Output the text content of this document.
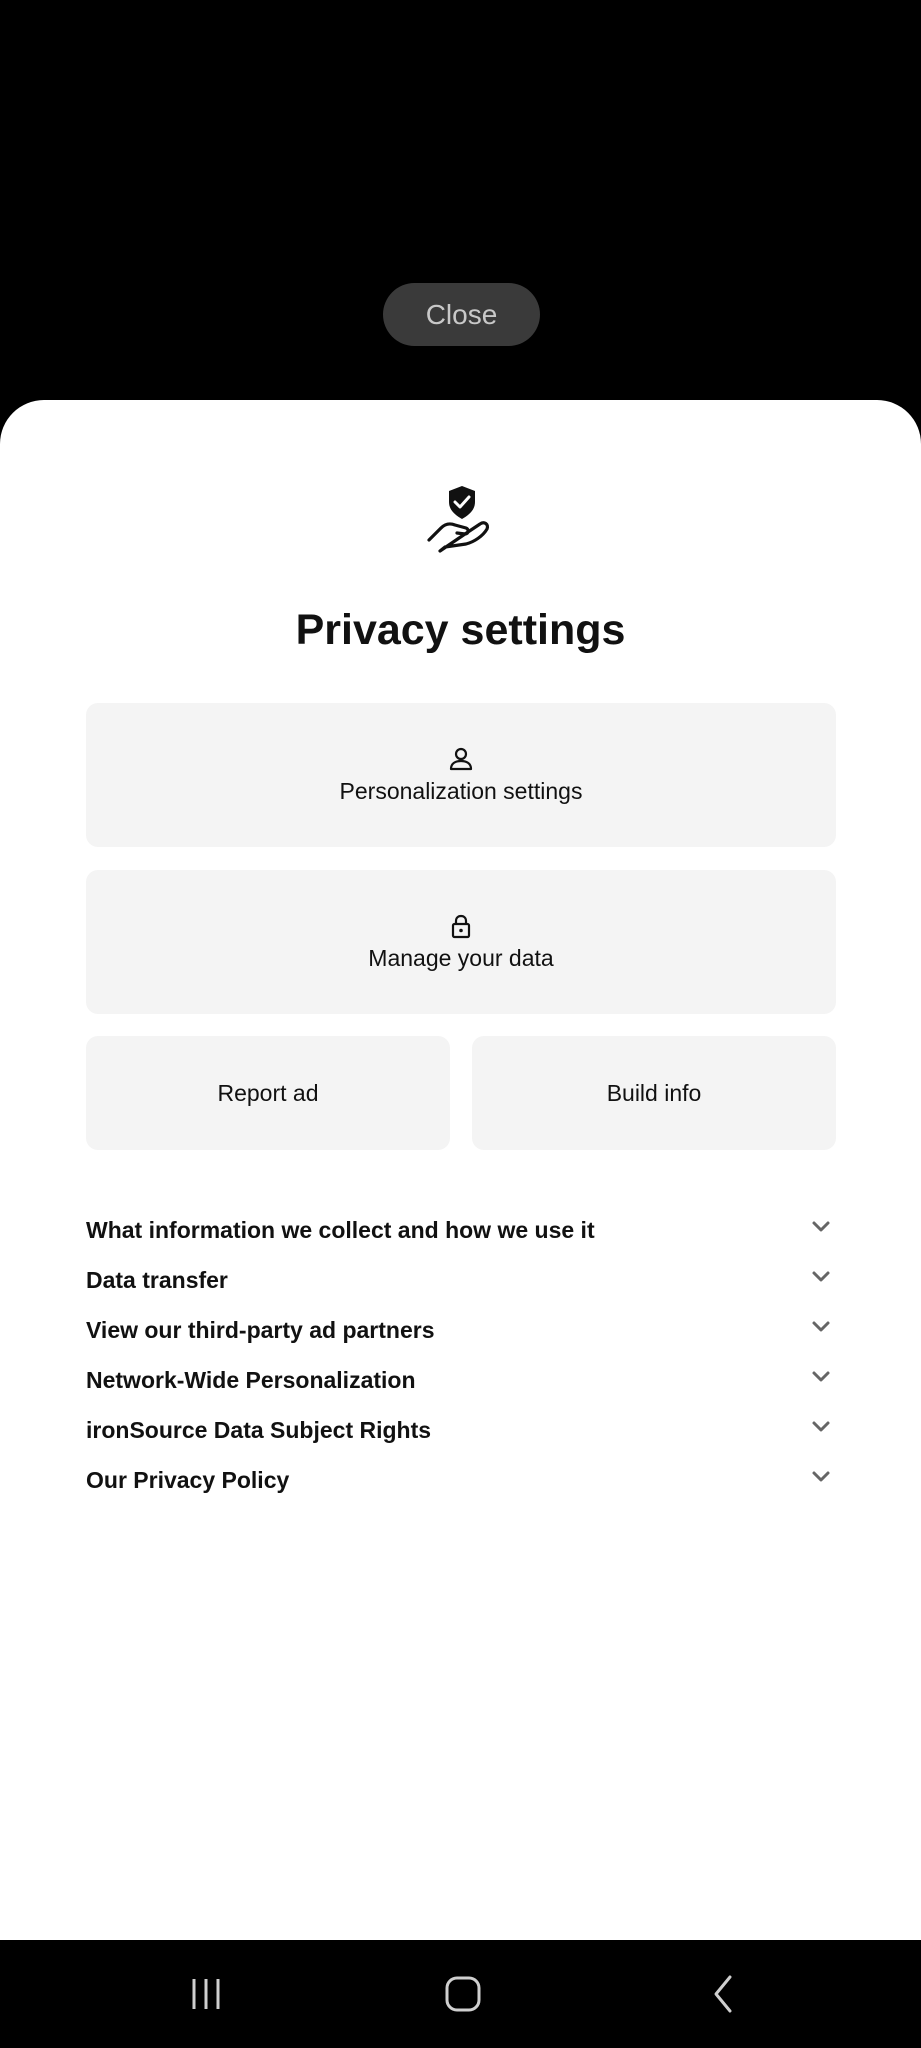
Close
Privacy settings
Personalization settings
Manage your data
Report ad	Build info
What information we collect and how we use it
Data transfer
View our third-party ad partners
Network-Wide Personalization
ironSource Data Subject Rights
Our Privacy Policy
